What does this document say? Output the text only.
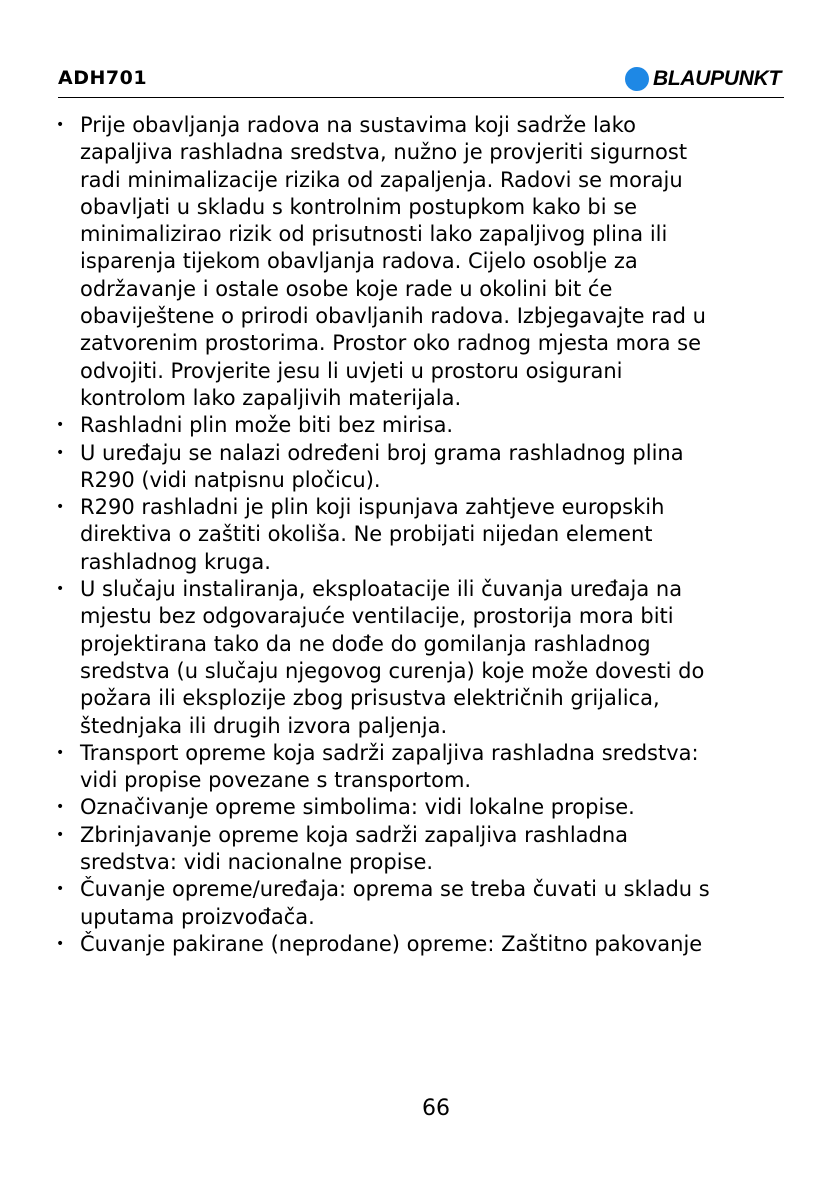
ADH701	BLAUPUNKT
• Prije obavljanja radova na sustavima koji sadrže lako
zapaljiva rashladna sredstva, nužno je provjeriti sigurnost
radi minimalizacije rizika od zapaljenja. Radovi se moraju
obavljati u skladu s kontrolnim postupkom kako bi se
minimalizirao rizik od prisutnosti lako zapaljivog plina ili
isparenja tijekom obavljanja radova. Cijelo osoblje za
održavanje i ostale osobe koje rade u okolini bit će
obaviještene o prirodi obavljanih radova. Izbjegavajte rad u
zatvorenim prostorima. Prostor oko radnog mjesta mora se
odvojiti. Provjerite jesu li uvjeti u prostoru osigurani
kontrolom lako zapaljivih materijala.
• Rashladni plin može biti bez mirisa.
• U uređaju se nalazi određeni broj grama rashladnog plina
R290 (vidi natpisnu pločicu).
• R290 rashladni je plin koji ispunjava zahtjeve europskih
direktiva o zaštiti okoliša. Ne probijati nijedan element
rashladnog kruga.
• U slučaju instaliranja, eksploatacije ili čuvanja uređaja na
mjestu bez odgovarajuće ventilacije, prostorija mora biti
projektirana tako da ne dođe do gomilanja rashladnog
sredstva (u slučaju njegovog curenja) koje može dovesti do
požara ili eksplozije zbog prisustva električnih grijalica,
štednjaka ili drugih izvora paljenja.
• Transport opreme koja sadrži zapaljiva rashladna sredstva:
vidi propise povezane s transportom.
• Označivanje opreme simbolima: vidi lokalne propise.
• Zbrinjavanje opreme koja sadrži zapaljiva rashladna
sredstva: vidi nacionalne propise.
• Čuvanje opreme/uređaja: oprema se treba čuvati u skladu s
uputama proizvođača.
• Čuvanje pakirane (neprodane) opreme: Zaštitno pakovanje
66
